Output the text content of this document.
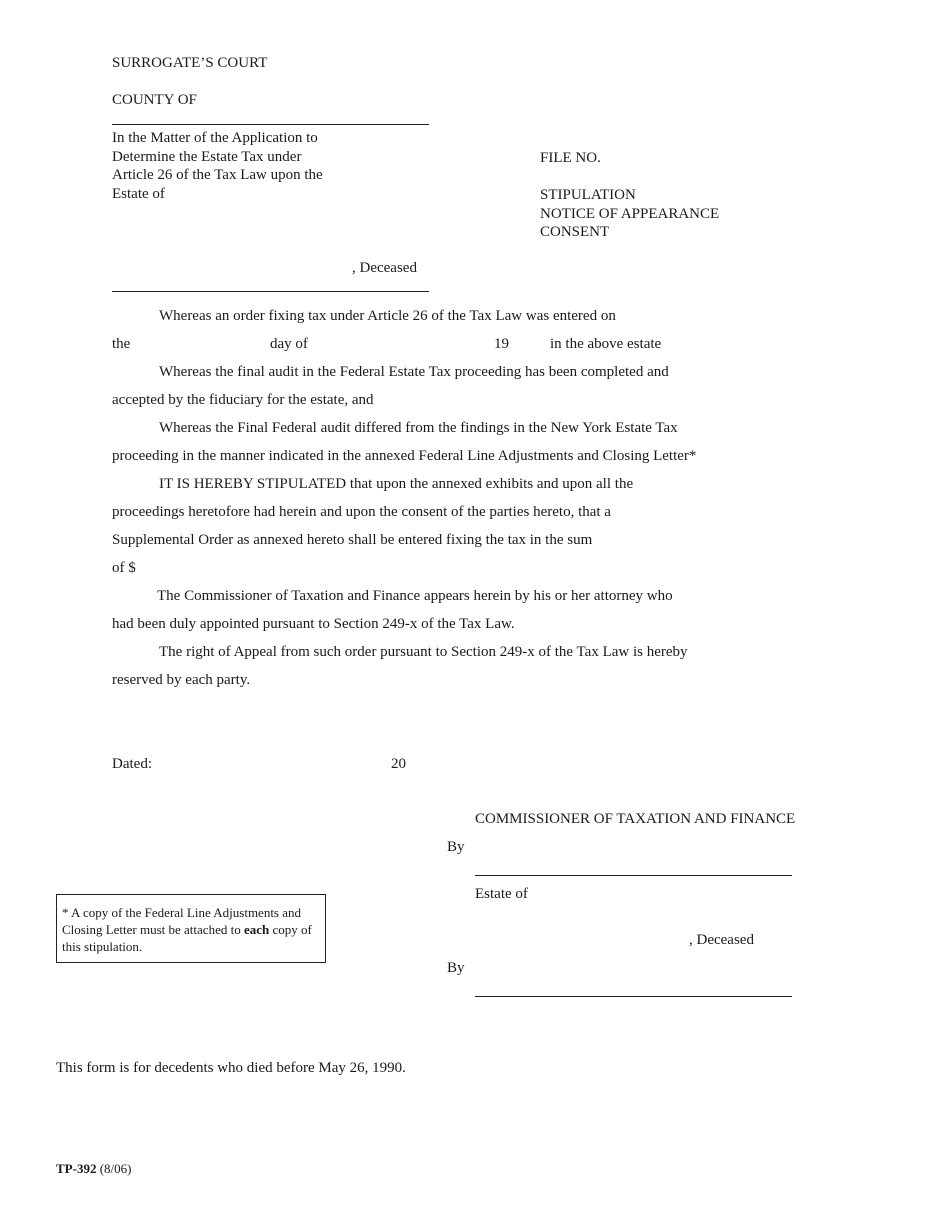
SURROGATE’S COURT
COUNTY OF
In the Matter of the Application to
Determine the Estate Tax under
Article 26 of the Tax Law upon the
Estate of
, Deceased
FILE NO.
STIPULATION
NOTICE OF APPEARANCE
CONSENT
Whereas an order fixing tax under Article 26 of the Tax Law was entered on
the	day of	19	in the above estate
Whereas the final audit in the Federal Estate Tax proceeding has been completed and
accepted by the fiduciary for the estate, and
Whereas the Final Federal audit differed from the findings in the New York Estate Tax
proceeding in the manner indicated in the annexed Federal Line Adjustments and Closing Letter*
IT IS HEREBY STIPULATED that upon the annexed exhibits and upon all the
proceedings heretofore had herein and upon the consent of the parties hereto, that a
Supplemental Order as annexed hereto shall be entered fixing the tax in the sum
of $
The Commissioner of Taxation and Finance appears herein by his or her attorney who
had been duly appointed pursuant to Section 249-x of the Tax Law.
The right of Appeal from such order pursuant to Section 249-x of the Tax Law is hereby
reserved by each party.
Dated:	20
COMMISSIONER OF TAXATION AND FINANCE
By
Estate of
, Deceased
By
* A copy of the Federal Line Adjustments and Closing Letter must be attached to each copy of this stipulation.
This form is for decedents who died before May 26, 1990.
TP-392 (8/06)
